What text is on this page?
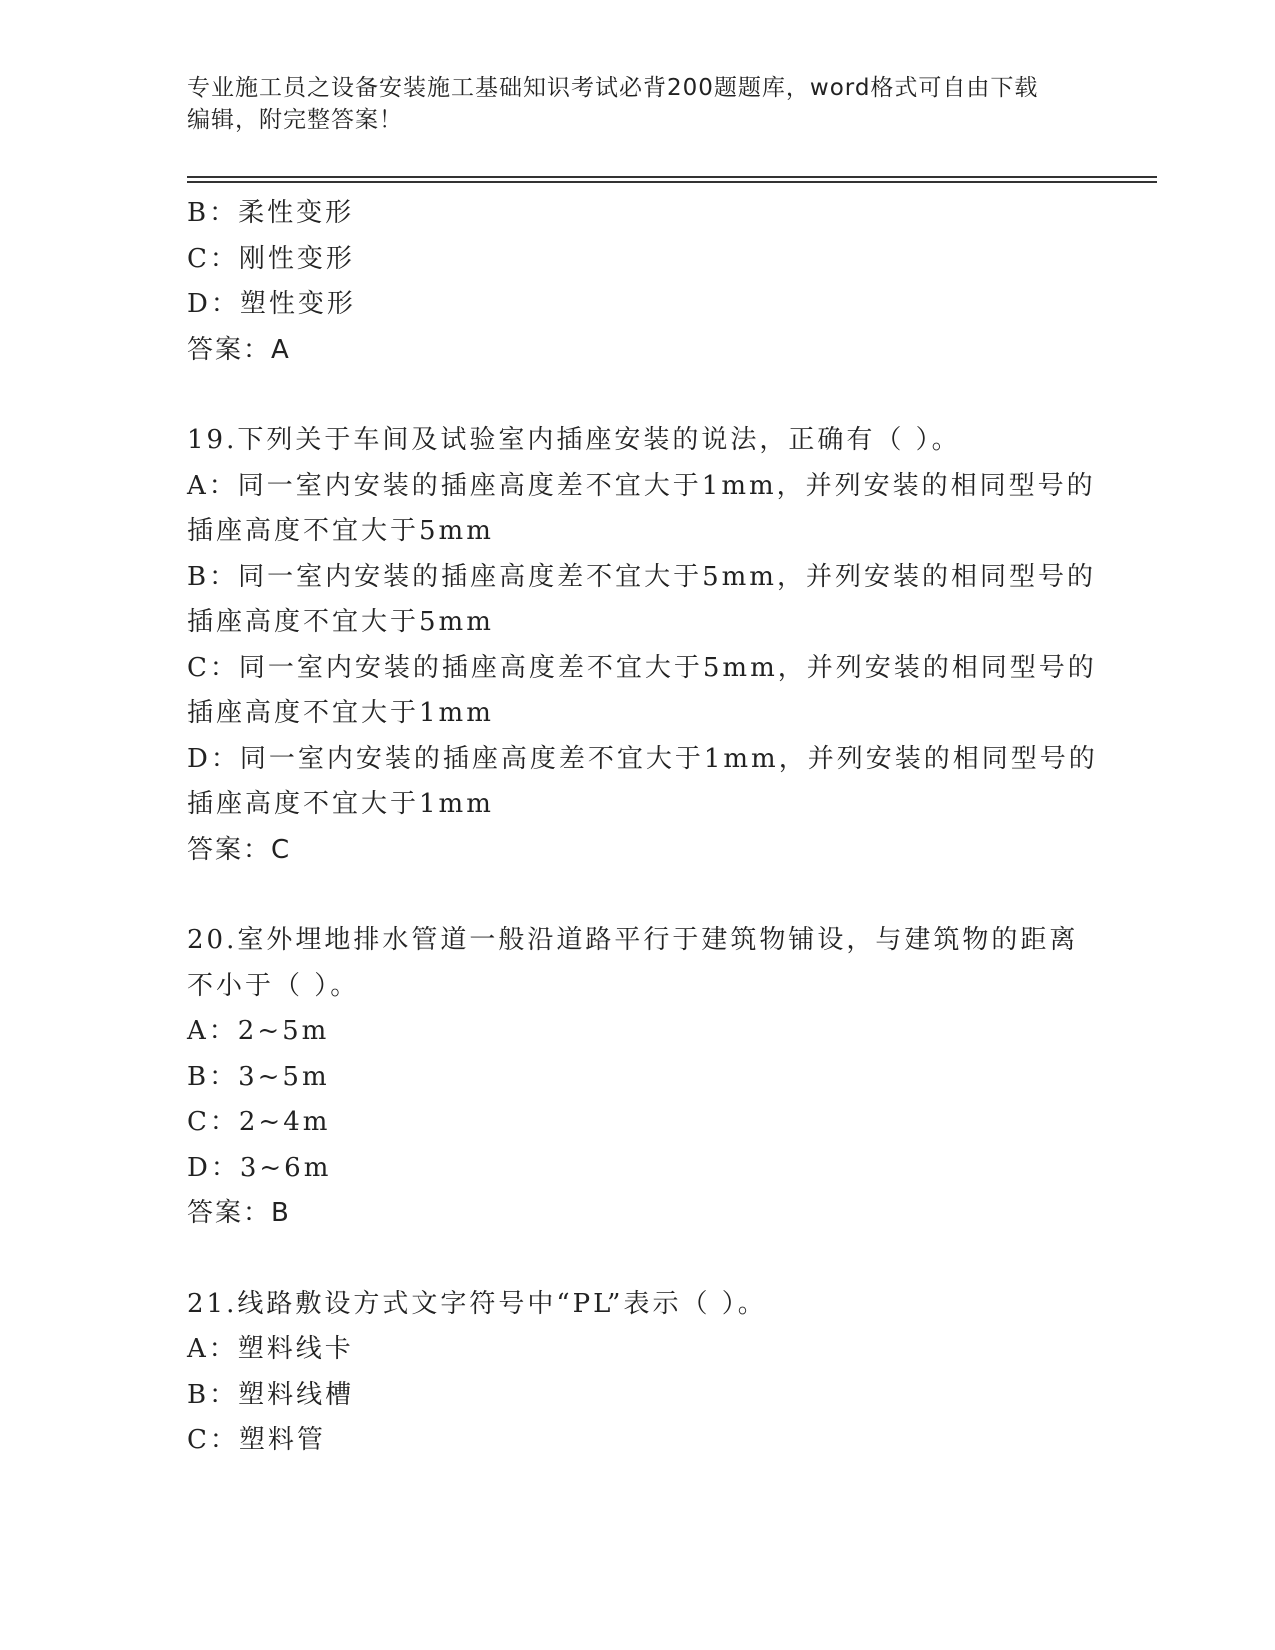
专业施工员之设备安装施工基础知识考试必背200题题库，word格式可自由下载
编辑，附完整答案！
B：柔性变形
C：刚性变形
D：塑性变形
答案：A
19.下列关于车间及试验室内插座安装的说法，正确有（ ）。
A：同一室内安装的插座高度差不宜大于1mm，并列安装的相同型号的
插座高度不宜大于5mm
B：同一室内安装的插座高度差不宜大于5mm，并列安装的相同型号的
插座高度不宜大于5mm
C：同一室内安装的插座高度差不宜大于5mm，并列安装的相同型号的
插座高度不宜大于1mm
D：同一室内安装的插座高度差不宜大于1mm，并列安装的相同型号的
插座高度不宜大于1mm
答案：C
20.室外埋地排水管道一般沿道路平行于建筑物铺设，与建筑物的距离
不小于（ ）。
A：2~5m
B：3~5m
C：2~4m
D：3~6m
答案：B
21.线路敷设方式文字符号中“PL”表示（ ）。
A：塑料线卡
B：塑料线槽
C：塑料管
